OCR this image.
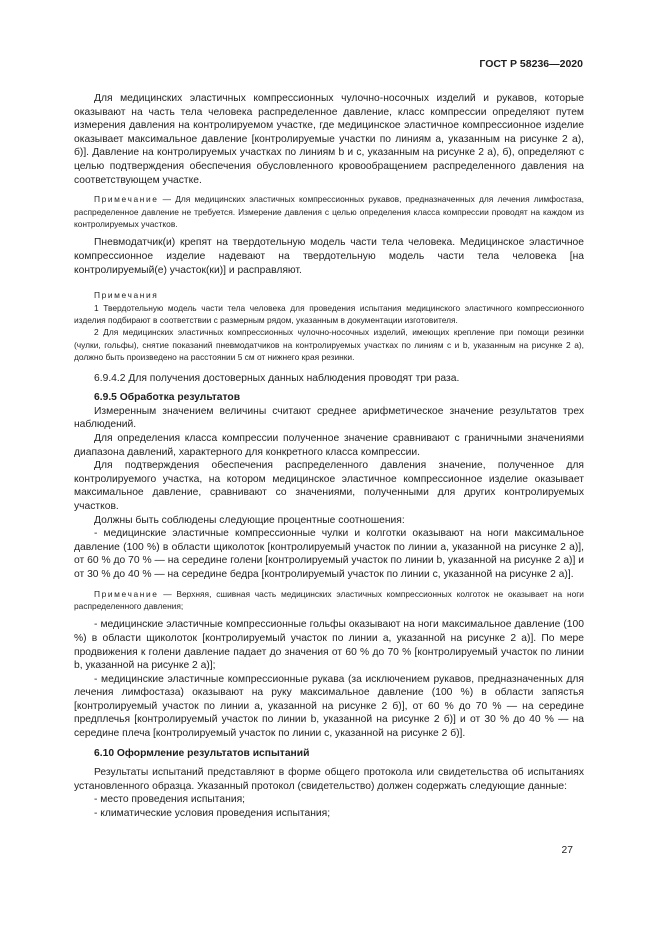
ГОСТ Р 58236—2020

Для медицинских эластичных компрессионных чулочно-носочных изделий и рукавов, которые оказывают на часть тела человека распределенное давление, класс компрессии определяют путем измерения давления на контролируемом участке, где медицинское эластичное компрессионное изделие оказывает максимальное давление [контролируемые участки по линиям a, указанным на рисунке 2 а), б)]. Давление на контролируемых участках по линиям b и c, указанным на рисунке 2 а), б), определяют с целью подтверждения обеспечения обусловленного кровообращением распределенного давления на соответствующем участке.

Примечание — Для медицинских эластичных компрессионных рукавов, предназначенных для лечения лимфостаза, распределенное давление не требуется. Измерение давления с целью определения класса компрессии проводят на каждом из контролируемых участков.

Пневмодатчик(и) крепят на твердотельную модель части тела человека. Медицинское эластичное компрессионное изделие надевают на твердотельную модель части тела человека [на контролируемый(е) участок(ки)] и расправляют.

Примечания

1 Твердотельную модель части тела человека для проведения испытания медицинского эластичного компрессионного изделия подбирают в соответствии с размерным рядом, указанным в документации изготовителя.

2 Для медицинских эластичных компрессионных чулочно-носочных изделий, имеющих крепление при помощи резинки (чулки, гольфы), снятие показаний пневмодатчиков на контролируемых участках по линиям c и b, указанным на рисунке 2 а), должно быть произведено на расстоянии 5 см от нижнего края резинки.

6.9.4.2 Для получения достоверных данных наблюдения проводят три раза.

6.9.5 Обработка результатов

Измеренным значением величины считают среднее арифметическое значение результатов трех наблюдений.

Для определения класса компрессии полученное значение сравнивают с граничными значениями диапазона давлений, характерного для конкретного класса компрессии.

Для подтверждения обеспечения распределенного давления значение, полученное для контролируемого участка, на котором медицинское эластичное компрессионное изделие оказывает максимальное давление, сравнивают со значениями, полученными для других контролируемых участков.

Должны быть соблюдены следующие процентные соотношения:

- медицинские эластичные компрессионные чулки и колготки оказывают на ноги максимальное давление (100 %) в области щиколоток [контролируемый участок по линии a, указанной на рисунке 2 а)], от 60 % до 70 % — на середине голени [контролируемый участок по линии b, указанной на рисунке 2 а)] и от 30 % до 40 % — на середине бедра [контролируемый участок по линии c, указанной на рисунке 2 а)].

Примечание — Верхняя, сшивная часть медицинских эластичных компрессионных колготок не оказывает на ноги распределенного давления;

- медицинские эластичные компрессионные гольфы оказывают на ноги максимальное давление (100 %) в области щиколоток [контролируемый участок по линии a, указанной на рисунке 2 а)]. По мере продвижения к голени давление падает до значения от 60 % до 70 % [контролируемый участок по линии b, указанной на рисунке 2 а)];

- медицинские эластичные компрессионные рукава (за исключением рукавов, предназначенных для лечения лимфостаза) оказывают на руку максимальное давление (100 %) в области запястья [контролируемый участок по линии a, указанной на рисунке 2 б)], от 60 % до 70 % — на середине предплечья [контролируемый участок по линии b, указанной на рисунке 2 б)] и от 30 % до 40 % — на середине плеча [контролируемый участок по линии c, указанной на рисунке 2 б)].

6.10 Оформление результатов испытаний

Результаты испытаний представляют в форме общего протокола или свидетельства об испытаниях установленного образца. Указанный протокол (свидетельство) должен содержать следующие данные:

- место проведения испытания;

- климатические условия проведения испытания;

27
